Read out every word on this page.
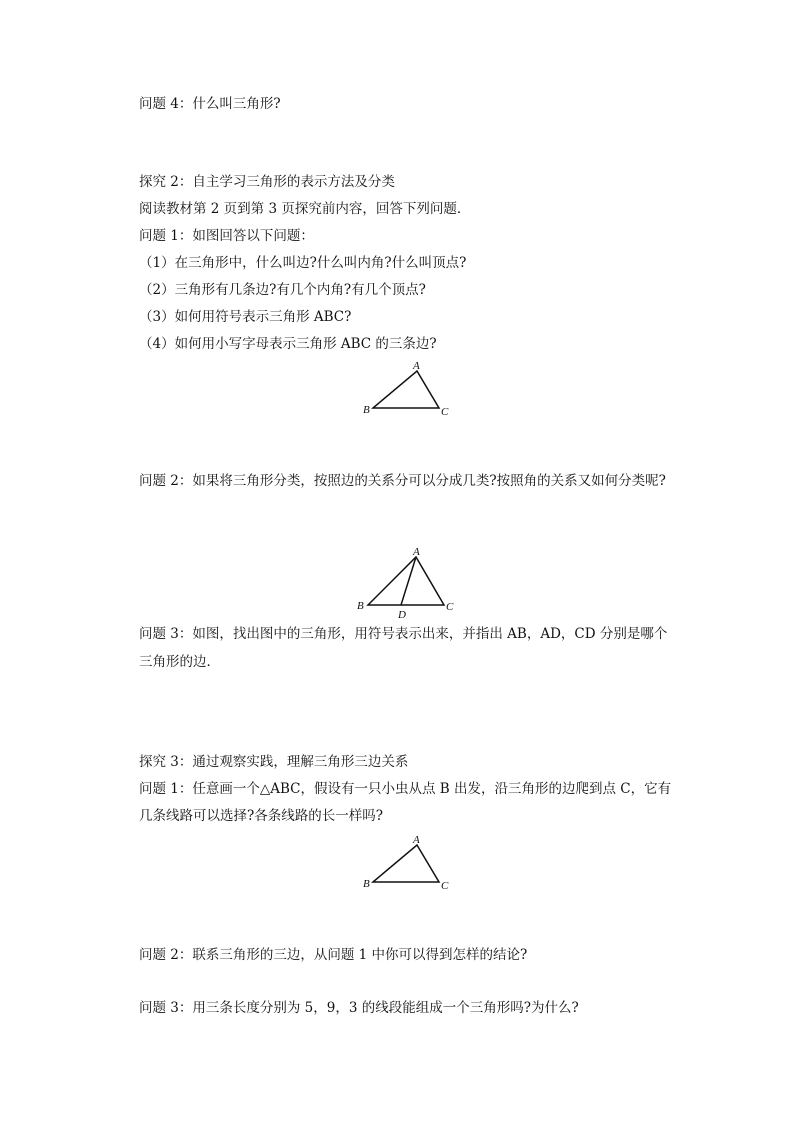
问题 4：什么叫三角形?
探究 2：自主学习三角形的表示方法及分类
阅读教材第 2 页到第 3 页探究前内容，回答下列问题．
问题 1：如图回答以下问题：
（1）在三角形中，什么叫边?什么叫内角?什么叫顶点?
（2）三角形有几条边?有几个内角?有几个顶点?
（3）如何用符号表示三角形 ABC?
（4）如何用小写字母表示三角形 ABC 的三条边?
A
B	C
问题 2：如果将三角形分类，按照边的关系分可以分成几类?按照角的关系又如何分类呢?
A
B	C
D
问题 3：如图，找出图中的三角形，用符号表示出来，并指出 AB，AD，CD 分别是哪个
三角形的边．
探究 3：通过观察实践，理解三角形三边关系
问题 1：任意画一个△ABC，假设有一只小虫从点 B 出发，沿三角形的边爬到点 C，它有
几条线路可以选择?各条线路的长一样吗?
A
B	C
问题 2：联系三角形的三边，从问题 1 中你可以得到怎样的结论?
问题 3：用三条长度分别为 5，9，3 的线段能组成一个三角形吗?为什么?
